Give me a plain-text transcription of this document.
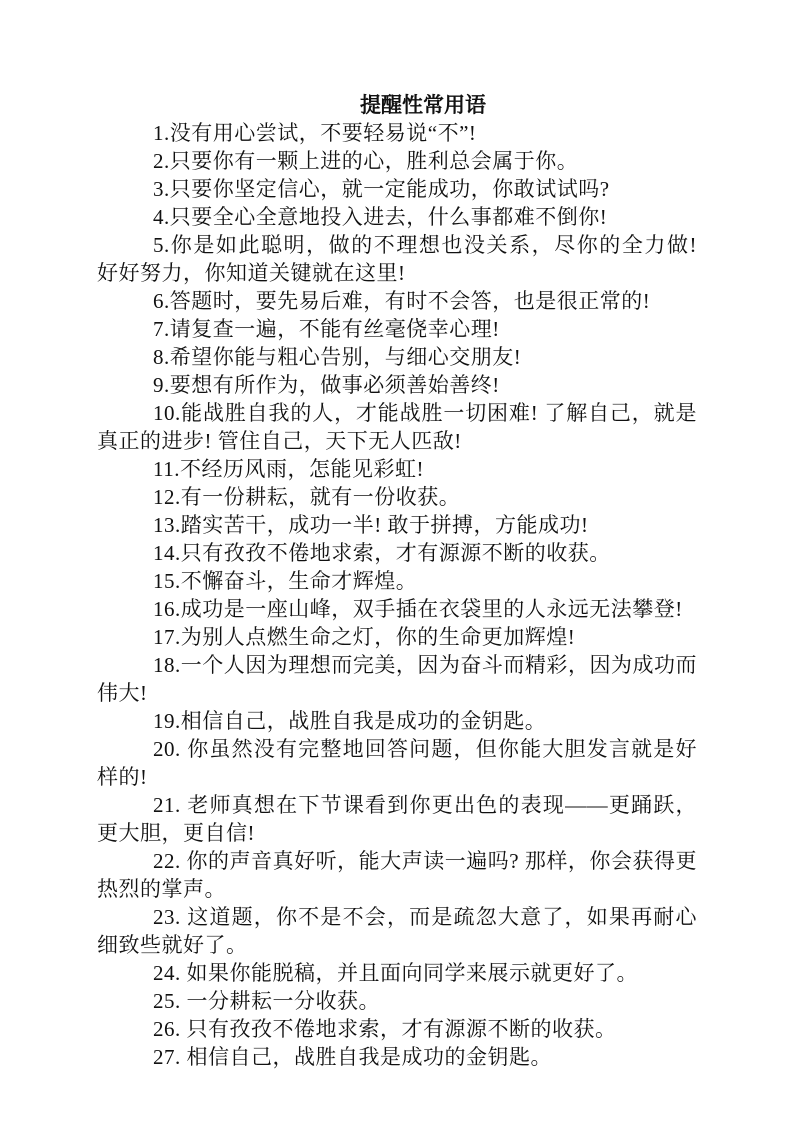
提醒性常用语

1.没有用心尝试，不要轻易说“不”!

2.只要你有一颗上进的心，胜利总会属于你。

3.只要你坚定信心，就一定能成功，你敢试试吗?

4.只要全心全意地投入进去，什么事都难不倒你!

5.你是如此聪明，做的不理想也没关系，尽你的全力做! 好好努力，你知道关键就在这里!

6.答题时，要先易后难，有时不会答，也是很正常的!

7.请复查一遍，不能有丝毫侥幸心理!

8.希望你能与粗心告别，与细心交朋友!

9.要想有所作为，做事必须善始善终!

10.能战胜自我的人，才能战胜一切困难! 了解自己，就是真正的进步! 管住自己，天下无人匹敌!

11.不经历风雨，怎能见彩虹!

12.有一份耕耘，就有一份收获。

13.踏实苦干，成功一半! 敢于拼搏，方能成功!

14.只有孜孜不倦地求索，才有源源不断的收获。

15.不懈奋斗，生命才辉煌。

16.成功是一座山峰，双手插在衣袋里的人永远无法攀登!

17.为别人点燃生命之灯，你的生命更加辉煌!

18.一个人因为理想而完美，因为奋斗而精彩，因为成功而伟大!

19.相信自己，战胜自我是成功的金钥匙。

20. 你虽然没有完整地回答问题，但你能大胆发言就是好样的!

21. 老师真想在下节课看到你更出色的表现——更踊跃，更大胆，更自信!

22. 你的声音真好听，能大声读一遍吗? 那样，你会获得更热烈的掌声。

23. 这道题，你不是不会，而是疏忽大意了，如果再耐心细致些就好了。

24. 如果你能脱稿，并且面向同学来展示就更好了。

25. 一分耕耘一分收获。

26. 只有孜孜不倦地求索，才有源源不断的收获。

27. 相信自己，战胜自我是成功的金钥匙。
